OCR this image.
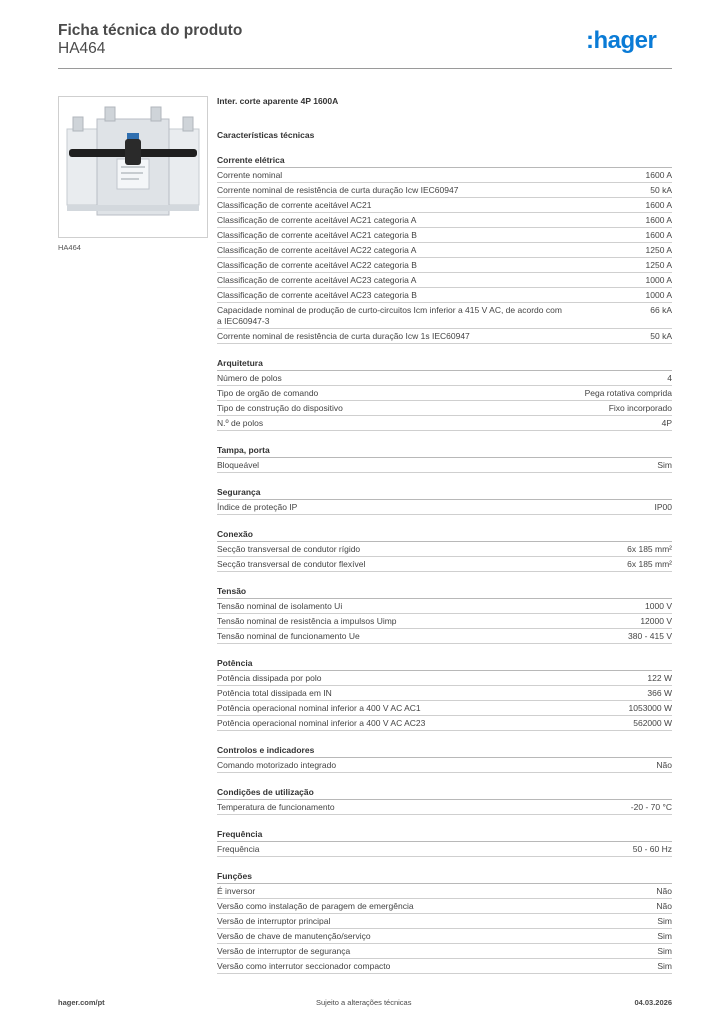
Ficha técnica do produto
HA464	:hager
HA464
Inter. corte aparente 4P 1600A
Características técnicas
Corrente elétrica
Corrente nominal	1600 A
Corrente nominal de resistência de curta duração Icw IEC60947	50 kA
Classificação de corrente aceitável AC21	1600 A
Classificação de corrente aceitável AC21 categoria A	1600 A
Classificação de corrente aceitável AC21 categoria B	1600 A
Classificação de corrente aceitável AC22 categoria A	1250 A
Classificação de corrente aceitável AC22 categoria B	1250 A
Classificação de corrente aceitável AC23 categoria A	1000 A
Classificação de corrente aceitável AC23 categoria B	1000 A
Capacidade nominal de produção de curto-circuitos Icm inferior a 415 V AC, de acordo com a IEC60947-3
66 kA
Corrente nominal de resistência de curta duração Icw 1s IEC60947	50 kA
Arquitetura
Número de polos	4
Tipo de orgão de comando	Pega rotativa comprida
Tipo de construção do dispositivo	Fixo incorporado
N.º de polos	4P
Tampa, porta
Bloqueável	Sim
Segurança
Índice de proteção IP	IP00
Conexão
Secção transversal de condutor rígido	6x 185 mm²
Secção transversal de condutor flexível	6x 185 mm²
Tensão
Tensão nominal de isolamento Ui	1000 V
Tensão nominal de resistência a impulsos Uimp	12000 V
Tensão nominal de funcionamento Ue	380 - 415 V
Potência
Potência dissipada por polo	122 W
Potência total dissipada em IN	366 W
Potência operacional nominal inferior a 400 V AC AC1	1053000 W
Potência operacional nominal inferior a 400 V AC AC23	562000 W
Controlos e indicadores
Comando motorizado integrado	Não
Condições de utilização
Temperatura de funcionamento	-20 - 70 °C
Frequência
Frequência	50 - 60 Hz
Funções
É inversor	Não
Versão como instalação de paragem de emergência	Não
Versão de interruptor principal	Sim
Versão de chave de manutenção/serviço	Sim
Versão de interruptor de segurança	Sim
Versão como interrutor seccionador compacto	Sim
hager.com/pt	Sujeito a alterações técnicas	04.03.2026
